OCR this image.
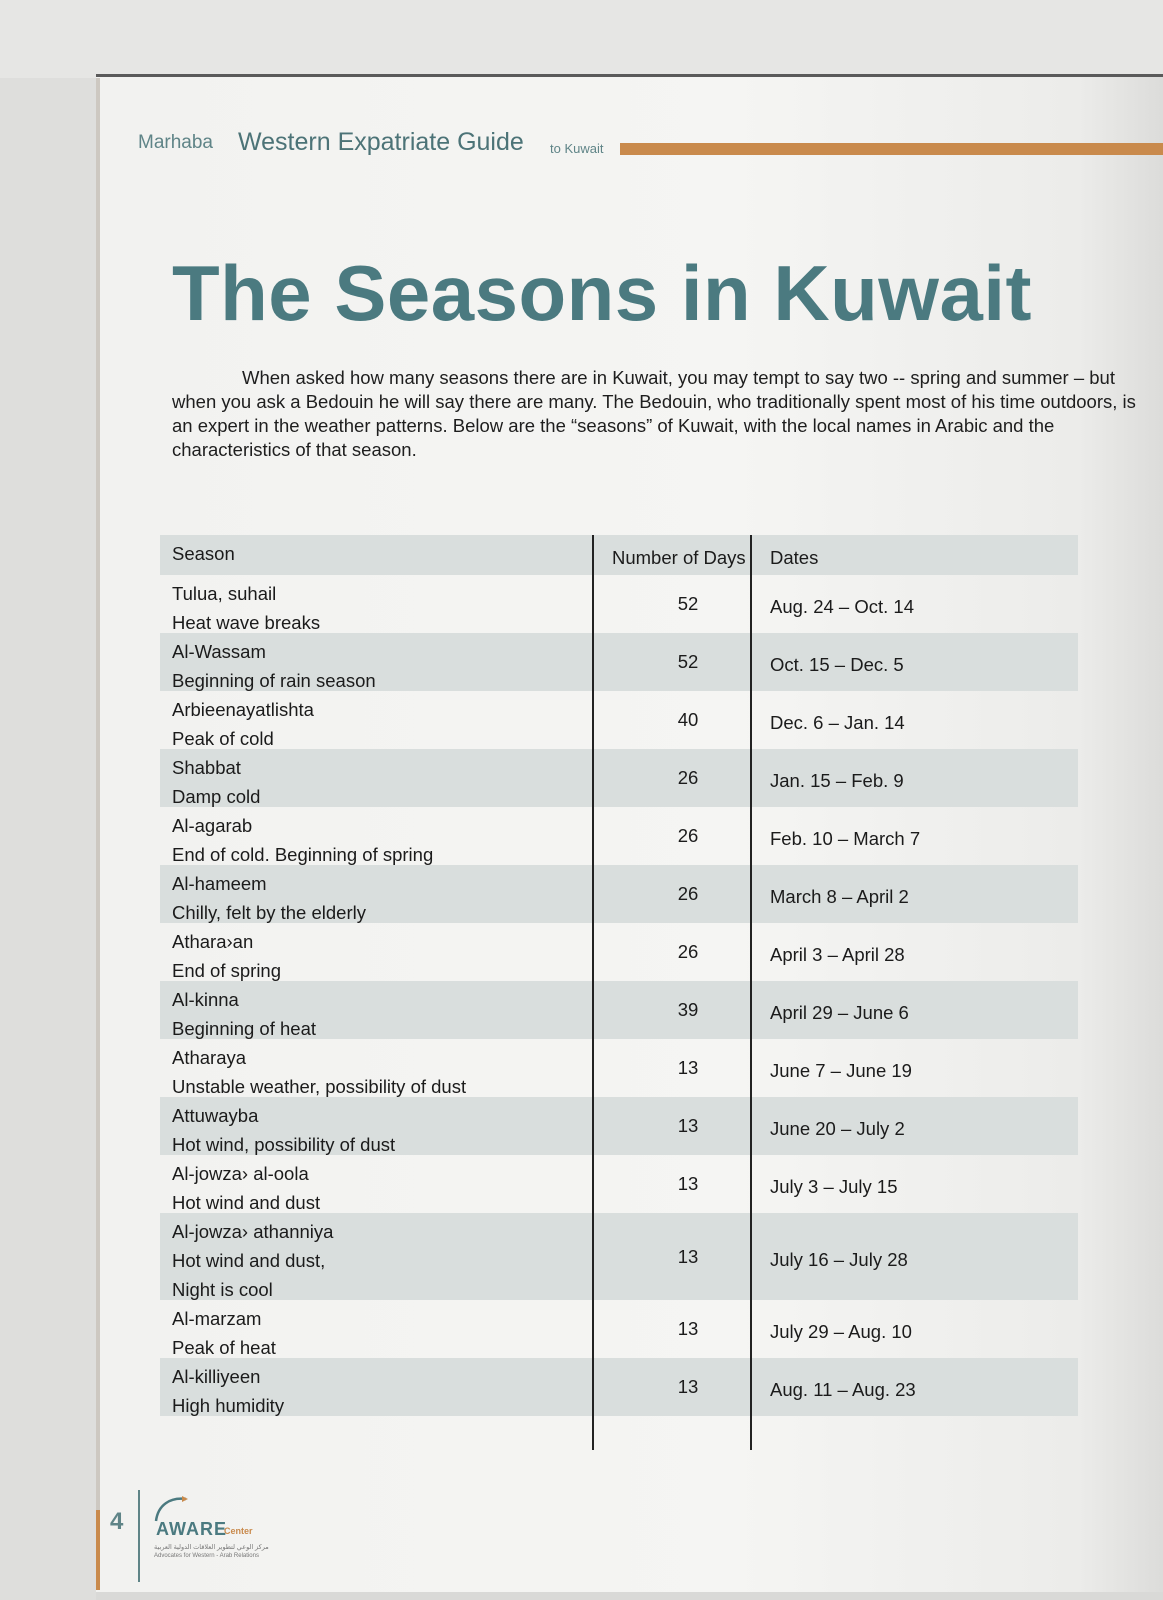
Marhaba Western Expatriate Guide to Kuwait
The Seasons in Kuwait

When asked how many seasons there are in Kuwait, you may tempt to say two -- spring and summer – but when you ask a Bedouin he will say there are many. The Bedouin, who traditionally spent most of his time outdoors, is an expert in the weather patterns. Below are the “seasons” of Kuwait, with the local names in Arabic and the characteristics of that season.

Season	Number of Days	Dates
Tulua, suhail
Heat wave breaks
52	Aug. 24 – Oct. 14
Al-Wassam
Beginning of rain season
52	Oct. 15 – Dec. 5
Arbieenayatlishta
Peak of cold
40	Dec. 6 – Jan. 14
Shabbat
Damp cold
26	Jan. 15 – Feb. 9
Al-agarab
End of cold. Beginning of spring
26	Feb. 10 – March 7
Al-hameem
Chilly, felt by the elderly
26	March 8 – April 2
Athara›an
End of spring
26	April 3 – April 28
Al-kinna
Beginning of heat
39	April 29 – June 6
Atharaya
Unstable weather, possibility of dust
13	June 7 – June 19
Attuwayba
Hot wind, possibility of dust
13	June 20 – July 2
Al-jowza› al-oola
Hot wind and dust
13	July 3 – July 15
Al-jowza› athanniya
Hot wind and dust,
Night is cool
13	July 16 – July 28
Al-marzam
Peak of heat
13	July 29 – Aug. 10
Al-killiyeen
High humidity
13	Aug. 11 – Aug. 23
4 AWARE
Center
مركز الوعي لتطوير العلاقات الدولية العربية
Advocates for Western - Arab Relations
